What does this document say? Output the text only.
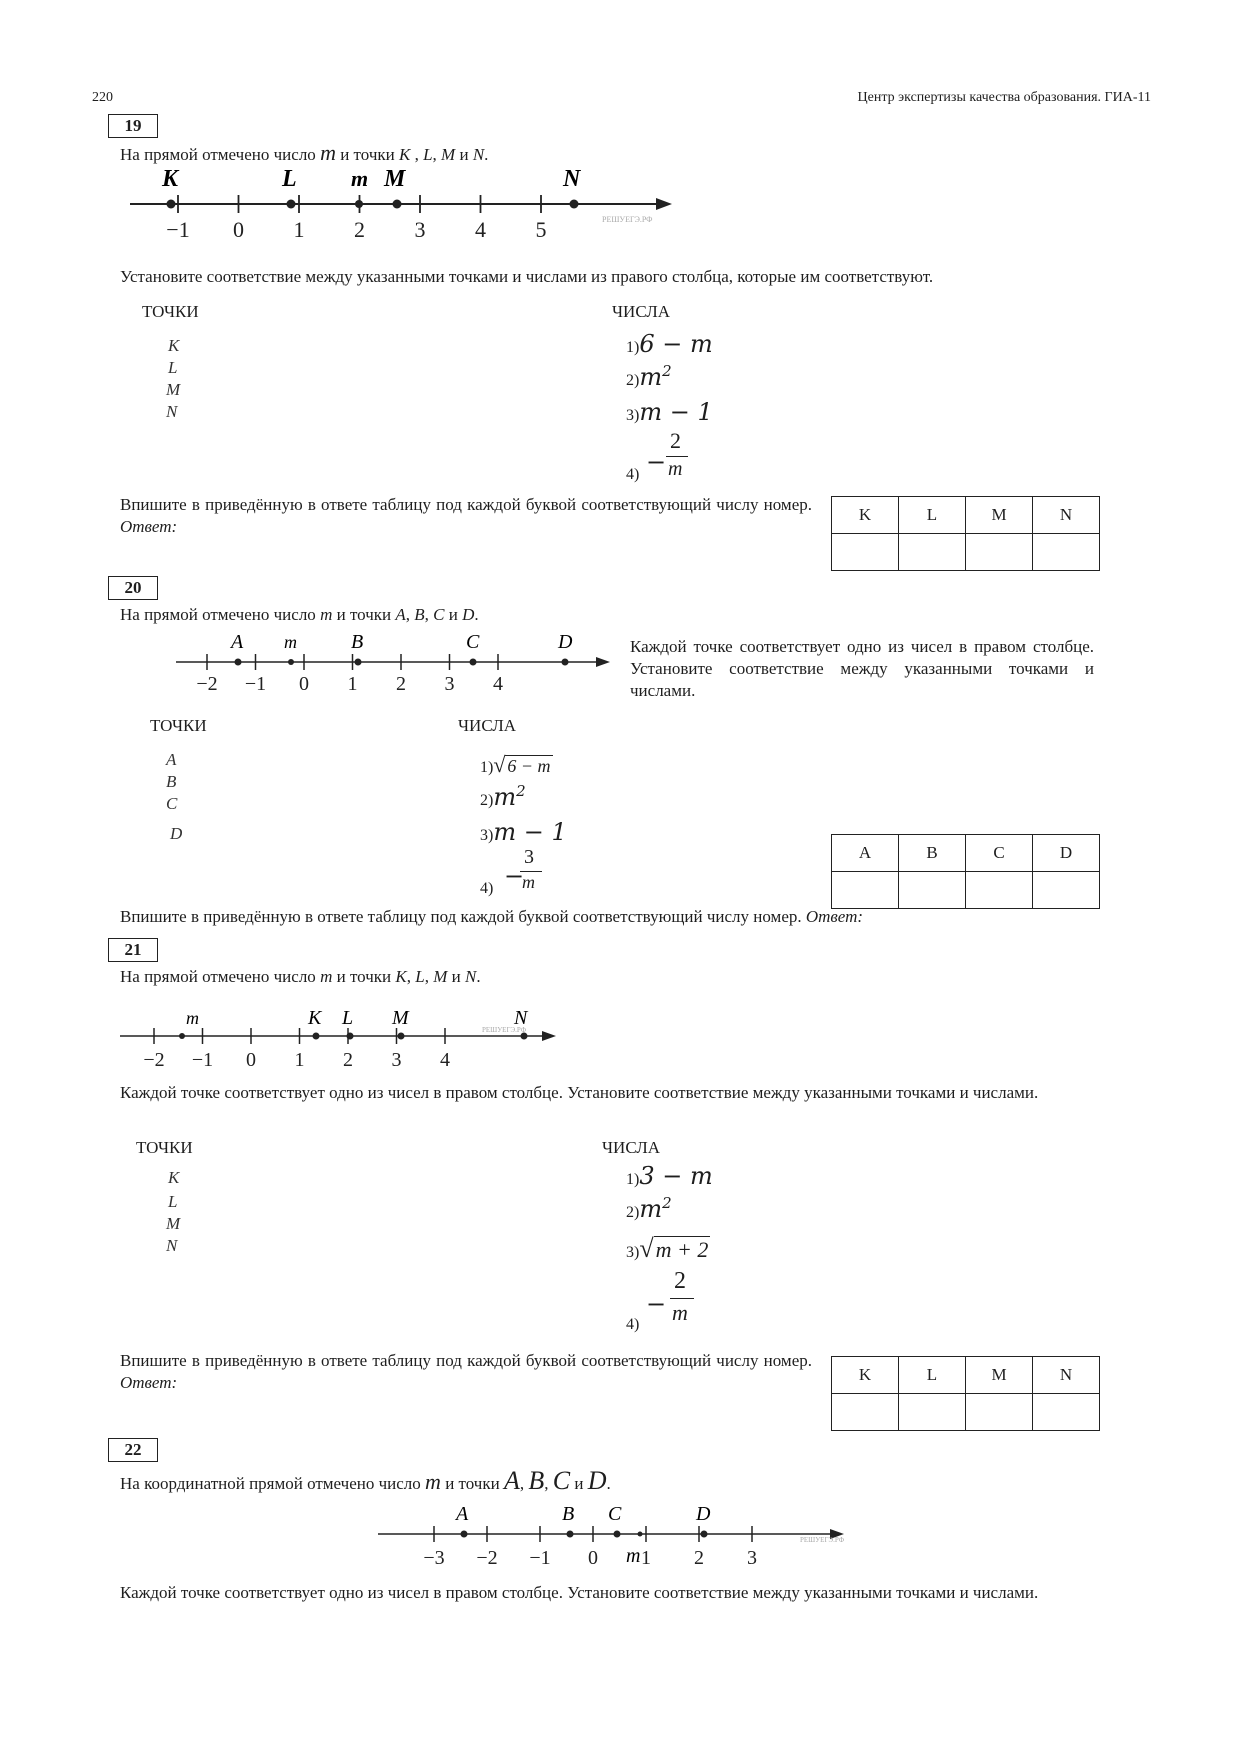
220	Центр экспертизы качества образования. ГИА-11
19
На прямой отмечено число m и точки K , L, M и N.
−1 0 1 2 3 4 5
K	L m M	N
РЕШУЕГЭ.РФ
Установите соответствие между указанными точками и числами из правого столбца, которые им соответствуют.
ТОЧКИ	ЧИСЛА
K
L
M
N
1)6 − m
$2)m^2$
3)m − 1
−
2
m
4)
Впишите в приведённую в ответе таблицу под каждой буквой соответствующий числу номер. Ответ:
K	L	M	N

20
На прямой отмечено число m и точки A, B, C и D.
−2 −1 0 1 2 3 4
A m	B	C	D	Каждой точке соответствует одно из чисел в правом столбце. Установите соответствие между указанными точками и числами.
ТОЧКИ	ЧИСЛА
A
B
C
D
1)√ 6 − m
$2)m^2$
3)m − 1
−
3
m
4)
A	B	C	D

Впишите в приведённую в ответе таблицу под каждой буквой соответствующий числу номер. Ответ:
21
На прямой отмечено число m и точки K, L, M и N.
−2 −1 0 1 2 3 4
m	K L M	N
РЕШУЕГЭ.РФ
Каждой точке соответствует одно из чисел в правом столбце. Установите соответствие между указанными точками и числами.
ТОЧКИ	ЧИСЛА
K
L
M
N
1)3 − m
$2)m^2$
3)√m + 2
−
2
m
4)
Впишите в приведённую в ответе таблицу под каждой буквой соответствующий числу номер. Ответ:	K	L	M	N

22
На координатной прямой отмечено число m и точки A, B, C и D.
−3 −2 −1 0 1 2 3
A	B C	D
m
РЕШУЕГЭ.РФ
Каждой точке соответствует одно из чисел в правом столбце. Установите соответствие между указанными точками и числами.
